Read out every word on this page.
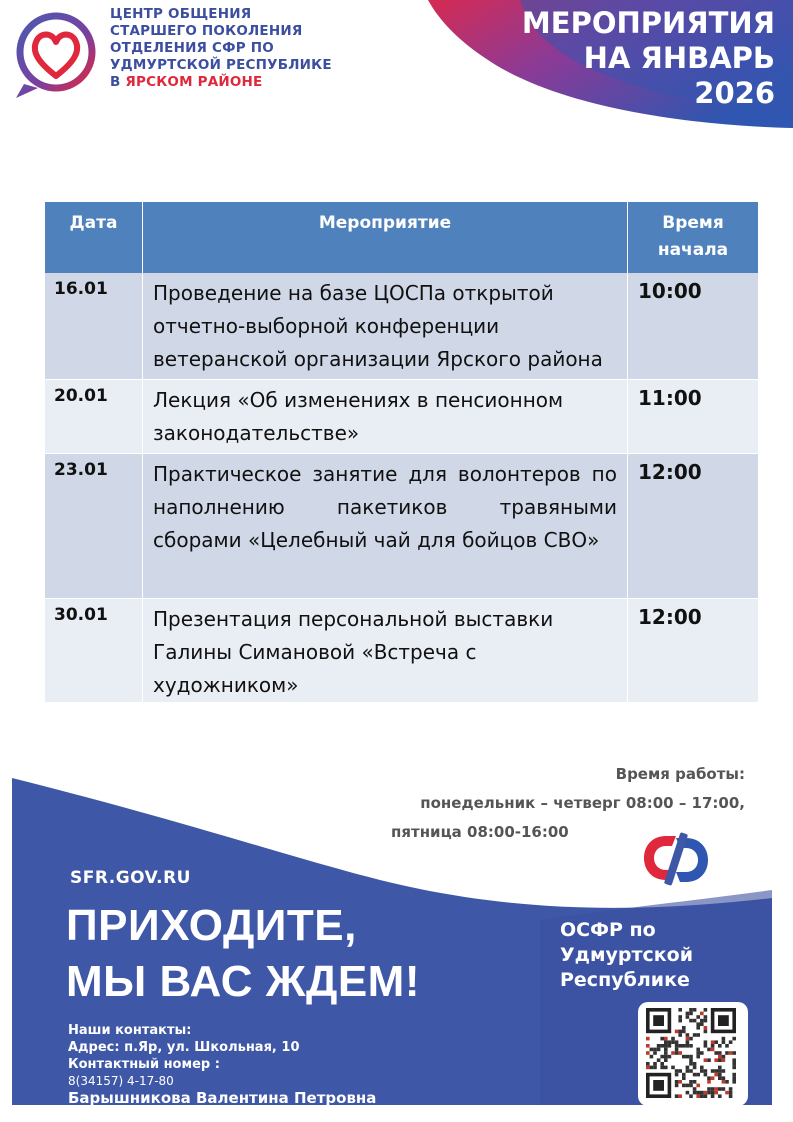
ЦЕНТР ОБЩЕНИЯ
СТАРШЕГО ПОКОЛЕНИЯ
ОТДЕЛЕНИЯ СФР ПО
УДМУРТСКОЙ РЕСПУБЛИКЕ
В ЯРСКОМ РАЙОНЕ
МЕРОПРИЯТИЯ
НА ЯНВАРЬ
2026
Дата	Мероприятие	Время
начала
16.01	Проведение на базе ЦОСПа открытой отчетно-выборной конференции ветеранской организации Ярского района	10:00
20.01	Лекция «Об изменениях в пенсионном законодательстве»	11:00
23.01	Практическое занятие для волонтеров по наполнению пакетиков травяными сборами «Целебный чай для бойцов СВО»	12:00
30.01	Презентация персональной выставки Галины Симановой «Встреча с художником»	12:00
Время работы:
понедельник – четверг 08:00 – 17:00,
пятница 08:00-16:00
SFR.GOV.RU
ПРИХОДИТЕ,
МЫ ВАС ЖДЕМ!
ОСФР по
Удмуртской
Республике
Наши контакты:
Адрес: п.Яр, ул. Школьная, 10
Контактный номер :
8(34157) 4-17-80
Барышникова Валентина Петровна
